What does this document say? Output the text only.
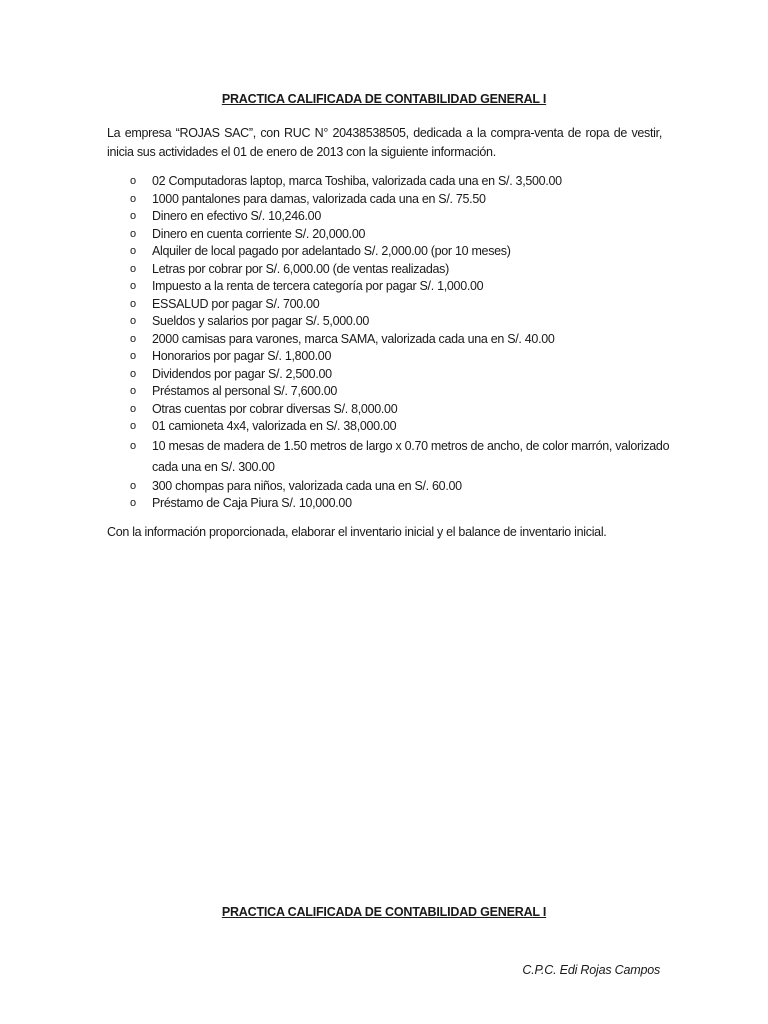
PRACTICA CALIFICADA DE CONTABILIDAD GENERAL I

La empresa “ROJAS SAC”, con RUC N° 20438538505, dedicada a la compra-venta de ropa de vestir, inicia sus actividades el 01 de enero de 2013 con la siguiente información.

o 02 Computadoras laptop, marca Toshiba, valorizada cada una en S/. 3,500.00
o 1000 pantalones para damas, valorizada cada una en S/. 75.50
o Dinero en efectivo S/. 10,246.00
o Dinero en cuenta corriente S/. 20,000.00
o Alquiler de local pagado por adelantado S/. 2,000.00 (por 10 meses)
o Letras por cobrar por S/. 6,000.00 (de ventas realizadas)
o Impuesto a la renta de tercera categoría por pagar S/. 1,000.00
o ESSALUD por pagar S/. 700.00
o Sueldos y salarios por pagar S/. 5,000.00
o 2000 camisas para varones, marca SAMA, valorizada cada una en S/. 40.00
o Honorarios por pagar S/. 1,800.00
o Dividendos por pagar S/. 2,500.00
o Préstamos al personal S/. 7,600.00
o Otras cuentas por cobrar diversas S/. 8,000.00
o 01 camioneta 4x4, valorizada en S/. 38,000.00
o 10 mesas de madera de 1.50 metros de largo x 0.70 metros de ancho, de color marrón, valorizado cada una en S/. 300.00
o 300 chompas para niños, valorizada cada una en S/. 60.00
o Préstamo de Caja Piura S/. 10,000.00

Con la información proporcionada, elaborar el inventario inicial y el balance de inventario inicial.

PRACTICA CALIFICADA DE CONTABILIDAD GENERAL I
C.P.C. Edi Rojas Campos
